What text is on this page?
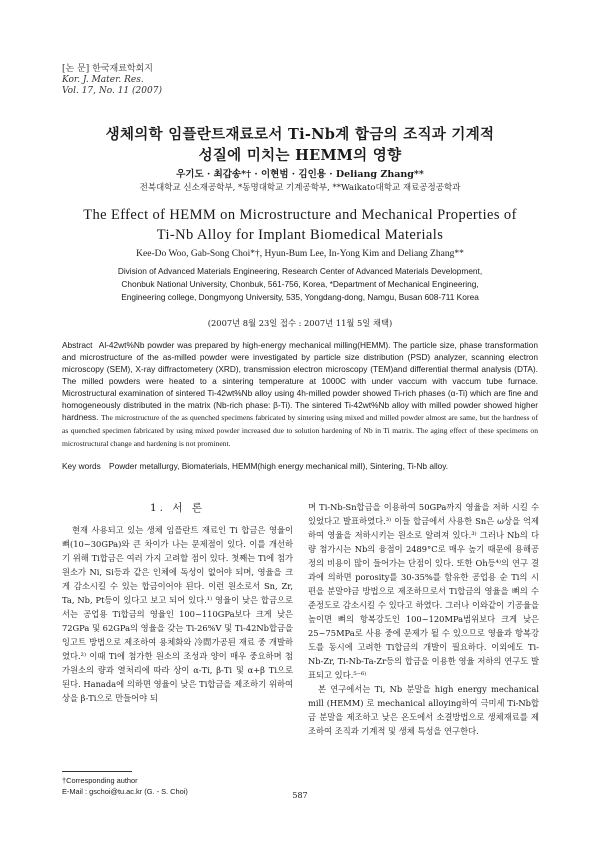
[논 문] 한국재료학회지
Kor. J. Mater. Res.
Vol. 17, No. 11 (2007)
생체의학 임플란트재료로서 Ti-Nb계 합금의 조직과 기계적
성질에 미치는 HEMM의 영향
우기도 · 최갑송*† · 이현범 · 김인용 · Deliang Zhang**
전북대학교 신소재공학부, *동명대학교 기계공학부, **Waikato대학교 재료공정공학과
The Effect of HEMM on Microstructure and Mechanical Properties of
Ti-Nb Alloy for Implant Biomedical Materials
Kee-Do Woo, Gab-Song Choi*†, Hyun-Bum Lee, In-Yong Kim and Deliang Zhang**
Division of Advanced Materials Engineering, Research Center of Advanced Materials Development,
Chonbuk National University, Chonbuk, 561-756, Korea, *Department of Mechanical Engineering,
Engineering college, Dongmyong University, 535, Yongdang-dong, Namgu, Busan 608-711 Korea
(2007년 8월 23일 접수 : 2007년 11월 5일 채택)
Abstract Al-42wt%Nb powder was prepared by high-energy mechanical milling(HEMM). The particle size, phase transformation and microstructure of the as-milled powder were investigated by particle size distribution (PSD) analyzer, scanning electron microscopy (SEM), X-ray diffractometery (XRD), transmission electron microscopy (TEM)and differential thermal analysis (DTA). The milled powders were heated to a sintering temperature at 1000C with under vaccum with vaccum tube furnace. Microstructural examination of sintered Ti-42wt%Nb alloy using 4h-milled powder showed Ti-rich phases (α-Ti) which are fine and homogeneously distributed in the matrix (Nb-rich phase: β-Ti). The sintered Ti-42wt%Nb alloy with milled powder showed higher hardness. The microstructure of the as quenched specimens fabricated by sintering using mixed and milled powder almost are same, but the hardness of as quenched specimen fabricated by using mixed powder increased due to solution hardening of Nb in Ti matrix. The aging effect of these specimens on microstructural change and hardening is not prominent.
Key words Powder metallurgy, Biomaterials, HEMM(high energy mechanical mill), Sintering, Ti-Nb alloy.
1. 서 론
현재 사용되고 있는 생체 임플란트 재료인 Ti 합금은 영율이 뼈(10~30GPa)와 큰 차이가 나는 문제점이 있다. 이를 개선하기 위해 Ti합금은 여러 가지 고려할 점이 있다. 첫째는 Ti에 첨가원소가 Ni, Si등과 같은 인체에 독성이 없어야 되며, 영율을 크게 감소시킬 수 있는 합금이어야 된다. 이런 원소로서 Sn, Zr, Ta, Nb, Pt등이 있다고 보고 되어 있다.¹⁾ 영율이 낮은 합금으로서는 공업용 Ti합금의 영율인 100~110GPa보다 크게 낮은 72GPa 및 62GPa의 영율을 갖는 Ti-26%V 및 Ti-42Nb합금을 잉고트 방법으로 제조하여 용체화와 冷間가공된 재료 중 개발하였다.²⁾ 이때 Ti에 첨가한 원소의 조성과 양이 매우 중요하며 첨가원소의 량과 열처리에 따라 상이 α-Ti, β-Ti 및 α+β Ti으로 된다. Hanada에 의하면 영율이 낮은 Ti합금을 제조하기 위하여 상을 β-Ti으로 만들어야 되
며 Ti-Nb-Sn합금을 이용하여 50GPa까지 영율을 저하 시킬 수 있었다고 발표하였다.³⁾ 이들 합금에서 사용한 Sn은 ω상을 억제하여 영율을 저하시키는 원소로 알려져 있다.³⁾ 그러나 Nb의 다량 첨가시는 Nb의 융점이 2489°C로 매우 높기 때문에 용해공정의 비용이 많이 들어가는 단점이 있다. 또한 Oh등⁴⁾의 연구 결과에 의하면 porosity를 30-35%를 함유한 공업용 순 Ti의 시편을 분말야금 방법으로 제조하므로서 Ti합금의 영율을 뼈의 수준정도로 감소시킬 수 있다고 하였다. 그러나 이와같이 기공율을 높이면 뼈의 항복강도인 100~120MPa범위보다 크게 낮은 25~75MPa로 사용 중에 문제가 될 수 있으므로 영율과 항복강도를 동시에 고려한 Ti합금의 개발이 필요하다. 이외에도 Ti-Nb-Zr, Ti-Nb-Ta-Zr등의 합금을 이용한 영율 저하의 연구도 발표되고 있다.⁵⁻⁶⁾
본 연구에서는 Ti, Nb 분말을 high energy mechanical mill (HEMM) 로 mechanical alloying하여 극미세 Ti-Nb합금 분말을 제조하고 낮은 온도에서 소결방법으로 생체재료를 제조하여 조직과 기계적 및 생체 특성을 연구한다.
†Corresponding author
E-Mail : gschoi@tu.ac.kr (G. - S. Choi)	587
